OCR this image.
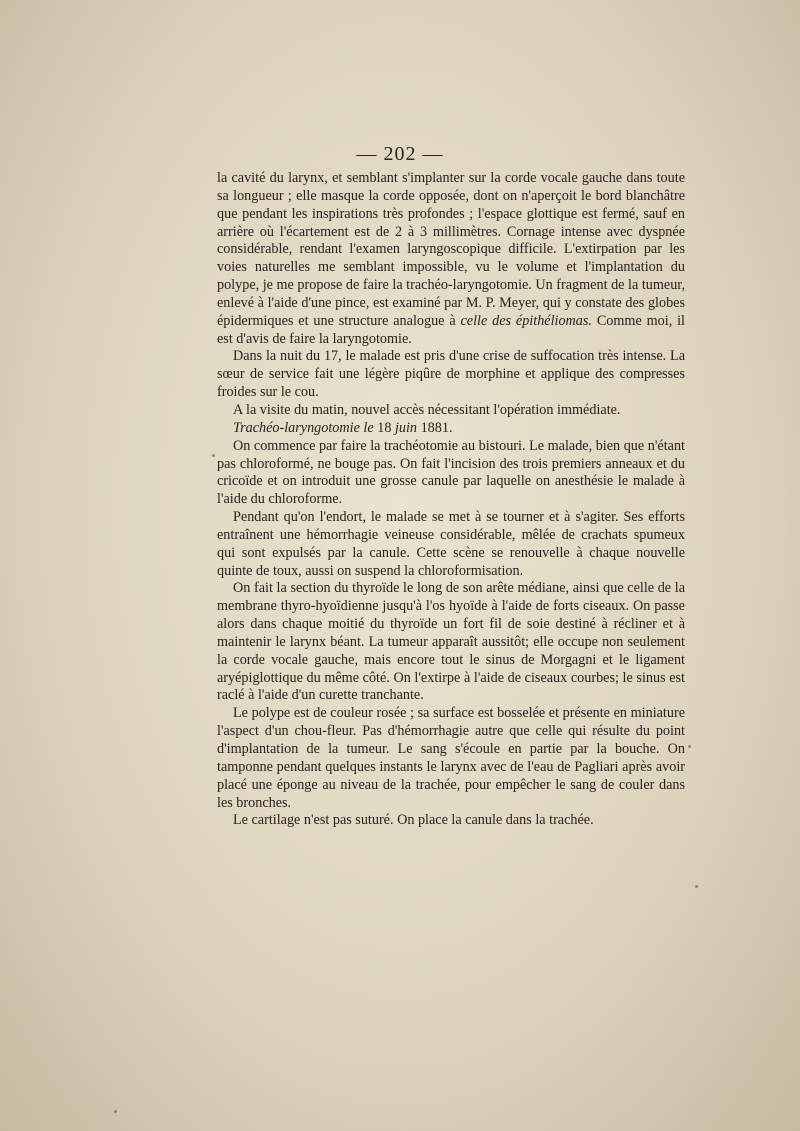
— 202 —

la cavité du larynx, et semblant s'implanter sur la corde vocale gauche dans toute sa longueur ; elle masque la corde opposée, dont on n'aperçoit le bord blanchâtre que pendant les inspirations très profondes ; l'espace glottique est fermé, sauf en arrière où l'écartement est de 2 à 3 millimètres. Cornage intense avec dyspnée considérable, rendant l'examen laryngoscopique difficile. L'extirpation par les voies naturelles me semblant impossible, vu le volume et l'implantation du polype, je me propose de faire la trachéo-laryngotomie. Un fragment de la tumeur, enlevé à l'aide d'une pince, est examiné par M. P. Meyer, qui y constate des globes épidermiques et une structure analogue à celle des épithéliomas. Comme moi, il est d'avis de faire la laryngotomie.

Dans la nuit du 17, le malade est pris d'une crise de suffocation très intense. La sœur de service fait une légère piqûre de morphine et applique des compresses froides sur le cou.

A la visite du matin, nouvel accès nécessitant l'opération immédiate.

Trachéo-laryngotomie le 18 juin 1881.

On commence par faire la trachéotomie au bistouri. Le malade, bien que n'étant pas chloroformé, ne bouge pas. On fait l'incision des trois premiers anneaux et du cricoïde et on introduit une grosse canule par laquelle on anesthésie le malade à l'aide du chloroforme.

Pendant qu'on l'endort, le malade se met à se tourner et à s'agiter. Ses efforts entraînent une hémorrhagie veineuse considérable, mêlée de crachats spumeux qui sont expulsés par la canule. Cette scène se renouvelle à chaque nouvelle quinte de toux, aussi on suspend la chloroformisation.

On fait la section du thyroïde le long de son arête médiane, ainsi que celle de la membrane thyro-hyoïdienne jusqu'à l'os hyoïde à l'aide de forts ciseaux. On passe alors dans chaque moitié du thyroïde un fort fil de soie destiné à récliner et à maintenir le larynx béant. La tumeur apparaît aussitôt; elle occupe non seulement la corde vocale gauche, mais encore tout le sinus de Morgagni et le ligament aryépiglottique du même côté. On l'extirpe à l'aide de ciseaux courbes; le sinus est raclé à l'aide d'un curette tranchante.

Le polype est de couleur rosée ; sa surface est bosselée et présente en miniature l'aspect d'un chou-fleur. Pas d'hémorrhagie autre que celle qui résulte du point d'implantation de la tumeur. Le sang s'écoule en partie par la bouche. On tamponne pendant quelques instants le larynx avec de l'eau de Pagliari après avoir placé une éponge au niveau de la trachée, pour empêcher le sang de couler dans les bronches.

Le cartilage n'est pas suturé. On place la canule dans la trachée.
